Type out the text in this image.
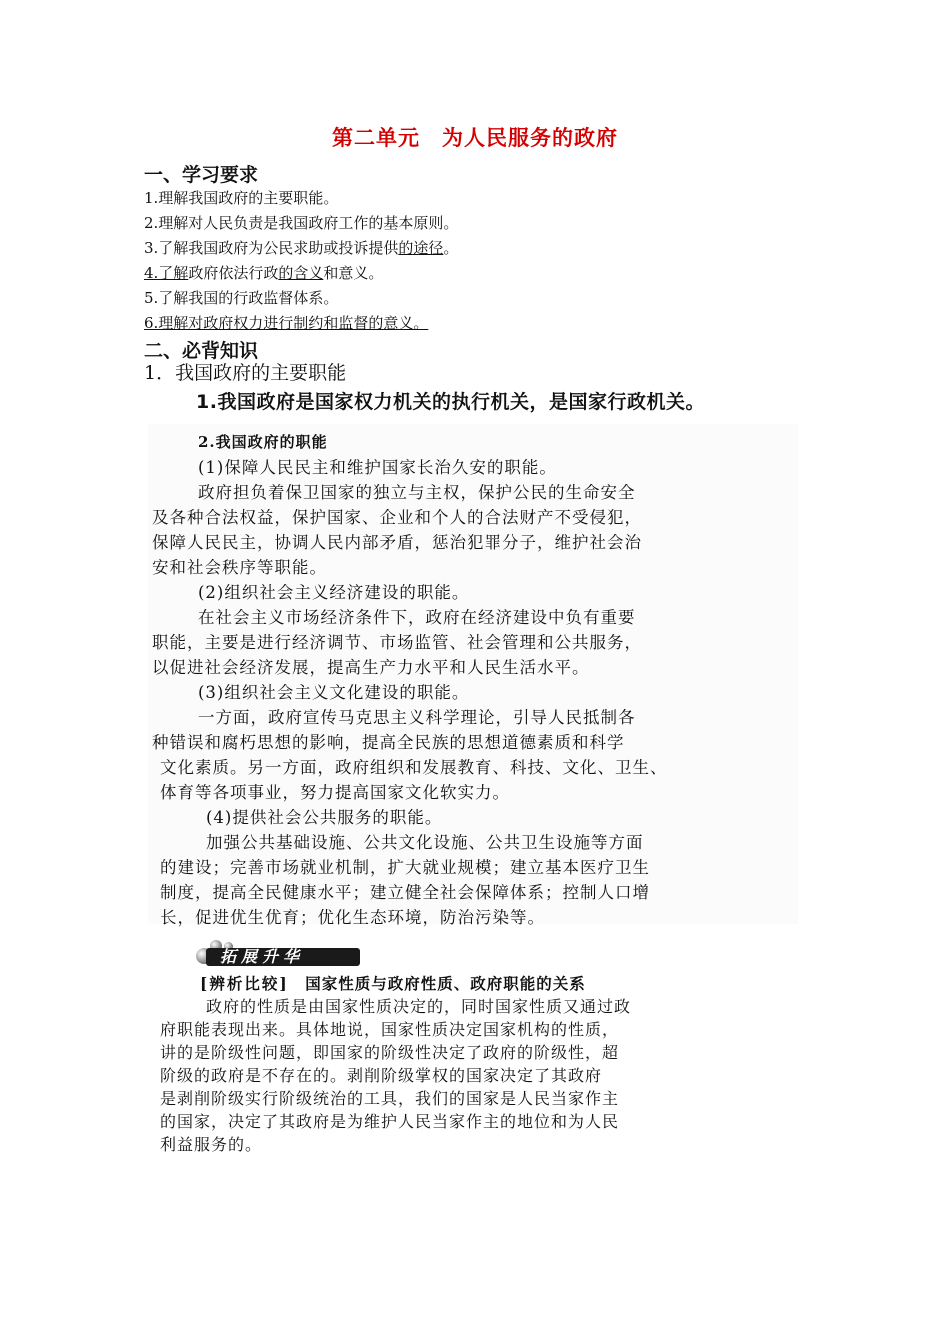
第二单元　为人民服务的政府
一、学习要求
1.理解我国政府的主要职能。
2.理解对人民负责是我国政府工作的基本原则。
3.了解我国政府为公民求助或投诉提供的途径。
4.了解政府依法行政的含义和意义。
5.了解我国的行政监督体系。
6.理解对政府权力进行制约和监督的意义。
二、必背知识
1．我国政府的主要职能
1.我国政府是国家权力机关的执行机关，是国家行政机关。
2.我国政府的职能
(1)保障人民民主和维护国家长治久安的职能。
政府担负着保卫国家的独立与主权，保护公民的生命安全
及各种合法权益，保护国家、企业和个人的合法财产不受侵犯，
保障人民民主，协调人民内部矛盾，惩治犯罪分子，维护社会治
安和社会秩序等职能。
(2)组织社会主义经济建设的职能。
在社会主义市场经济条件下，政府在经济建设中负有重要
职能，主要是进行经济调节、市场监管、社会管理和公共服务，
以促进社会经济发展，提高生产力水平和人民生活水平。
(3)组织社会主义文化建设的职能。
一方面，政府宣传马克思主义科学理论，引导人民抵制各
种错误和腐朽思想的影响，提高全民族的思想道德素质和科学
文化素质。另一方面，政府组织和发展教育、科技、文化、卫生、
体育等各项事业，努力提高国家文化软实力。
(4)提供社会公共服务的职能。
加强公共基础设施、公共文化设施、公共卫生设施等方面
的建设；完善市场就业机制，扩大就业规模；建立基本医疗卫生
制度，提高全民健康水平；建立健全社会保障体系；控制人口增
长，促进优生优育；优化生态环境，防治污染等。
拓展升华
[辨析比较]　 国家性质与政府性质、政府职能的关系
政府的性质是由国家性质决定的，同时国家性质又通过政
府职能表现出来。具体地说，国家性质决定国家机构的性质，
讲的是阶级性问题，即国家的阶级性决定了政府的阶级性，超
阶级的政府是不存在的。剥削阶级掌权的国家决定了其政府
是剥削阶级实行阶级统治的工具，我们的国家是人民当家作主
的国家，决定了其政府是为维护人民当家作主的地位和为人民
利益服务的。
